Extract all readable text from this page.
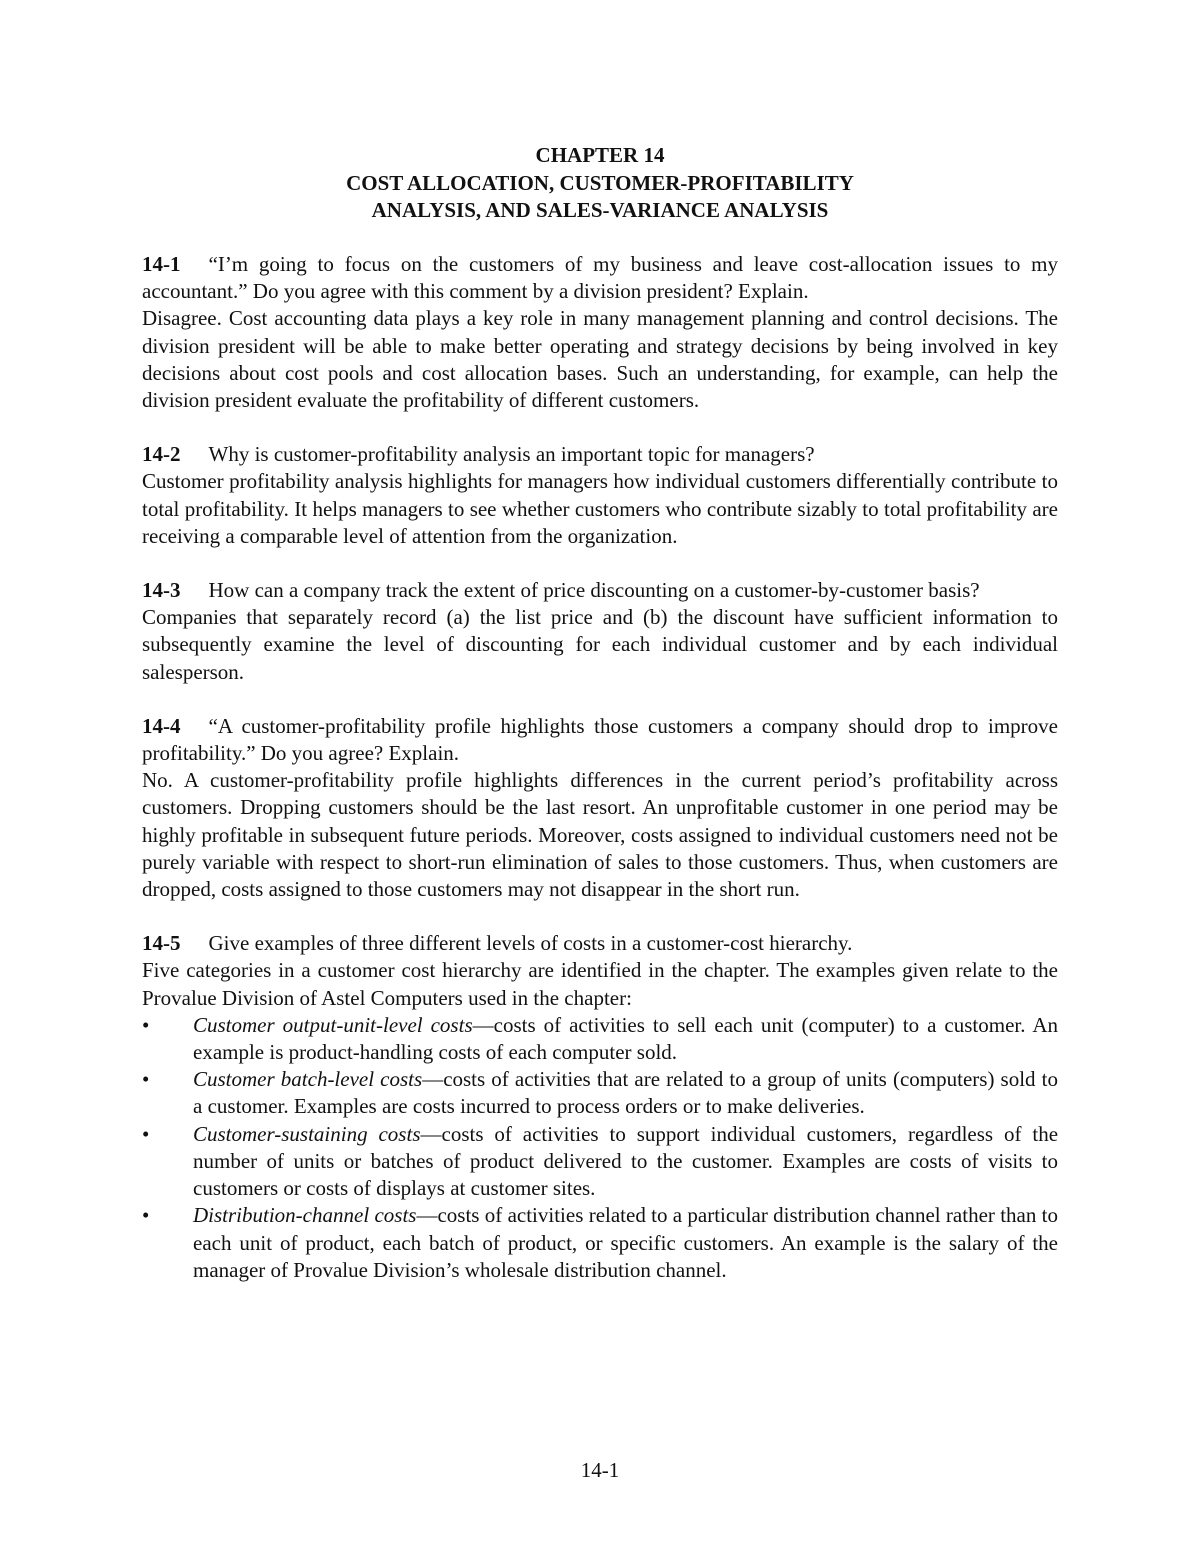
CHAPTER 14
COST ALLOCATION, CUSTOMER-PROFITABILITY
ANALYSIS, AND SALES-VARIANCE ANALYSIS

14-1 “I’m going to focus on the customers of my business and leave cost-allocation issues to my accountant.” Do you agree with this comment by a division president? Explain.

Disagree. Cost accounting data plays a key role in many management planning and control decisions. The division president will be able to make better operating and strategy decisions by being involved in key decisions about cost pools and cost allocation bases. Such an understanding, for example, can help the division president evaluate the profitability of different customers.

14-2 Why is customer-profitability analysis an important topic for managers?

Customer profitability analysis highlights for managers how individual customers differentially contribute to total profitability. It helps managers to see whether customers who contribute sizably to total profitability are receiving a comparable level of attention from the organization.

14-3 How can a company track the extent of price discounting on a customer-by-customer basis?

Companies that separately record (a) the list price and (b) the discount have sufficient information to subsequently examine the level of discounting for each individual customer and by each individual salesperson.

14-4 “A customer-profitability profile highlights those customers a company should drop to improve profitability.” Do you agree? Explain.

No. A customer-profitability profile highlights differences in the current period’s profitability across customers. Dropping customers should be the last resort. An unprofitable customer in one period may be highly profitable in subsequent future periods. Moreover, costs assigned to individual customers need not be purely variable with respect to short-run elimination of sales to those customers. Thus, when customers are dropped, costs assigned to those customers may not disappear in the short run.

14-5 Give examples of three different levels of costs in a customer-cost hierarchy.

Five categories in a customer cost hierarchy are identified in the chapter. The examples given relate to the Provalue Division of Astel Computers used in the chapter:

•	Customer output-unit-level costs—costs of activities to sell each unit (computer) to a customer. An example is product-handling costs of each computer sold.
•	Customer batch-level costs—costs of activities that are related to a group of units (computers) sold to a customer. Examples are costs incurred to process orders or to make deliveries.
•	Customer-sustaining costs—costs of activities to support individual customers, regardless of the number of units or batches of product delivered to the customer. Examples are costs of visits to customers or costs of displays at customer sites.
•	Distribution-channel costs—costs of activities related to a particular distribution channel rather than to each unit of product, each batch of product, or specific customers. An example is the salary of the manager of Provalue Division’s wholesale distribution channel.
14-1
